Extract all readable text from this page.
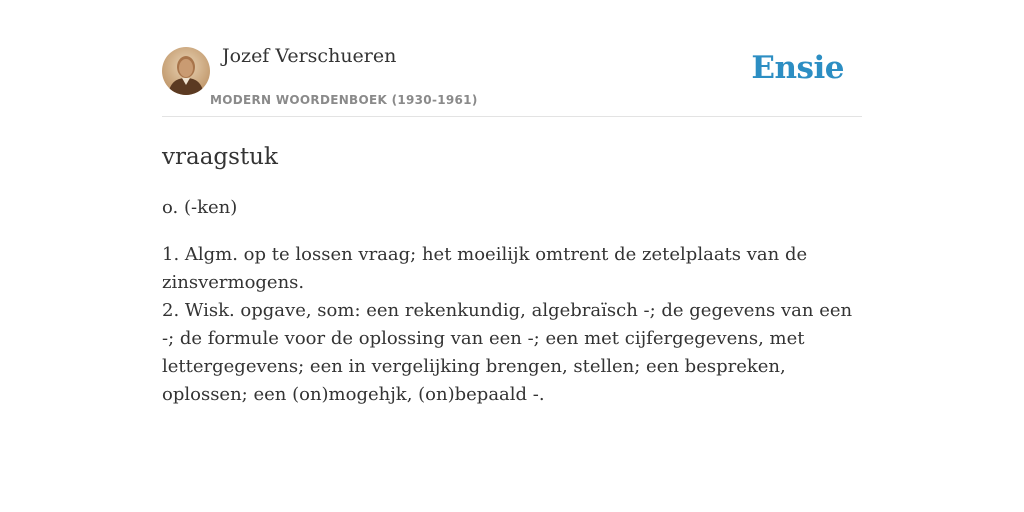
Jozef Verschueren
MODERN WOORDENBOEK (1930-1961)
Ensie
vraagstuk

o. (-ken)

1. Algm. op te lossen vraag; het moeilijk omtrent de zetelplaats van de zinsvermogens.
2. Wisk. opgave, som: een rekenkundig, algebraïsch -; de gegevens van een -; de formule voor de oplossing van een -; een met cijfergegevens, met lettergegevens; een in vergelijking brengen, stellen; een bespreken, oplossen; een (on)mogehjk, (on)bepaald -.
